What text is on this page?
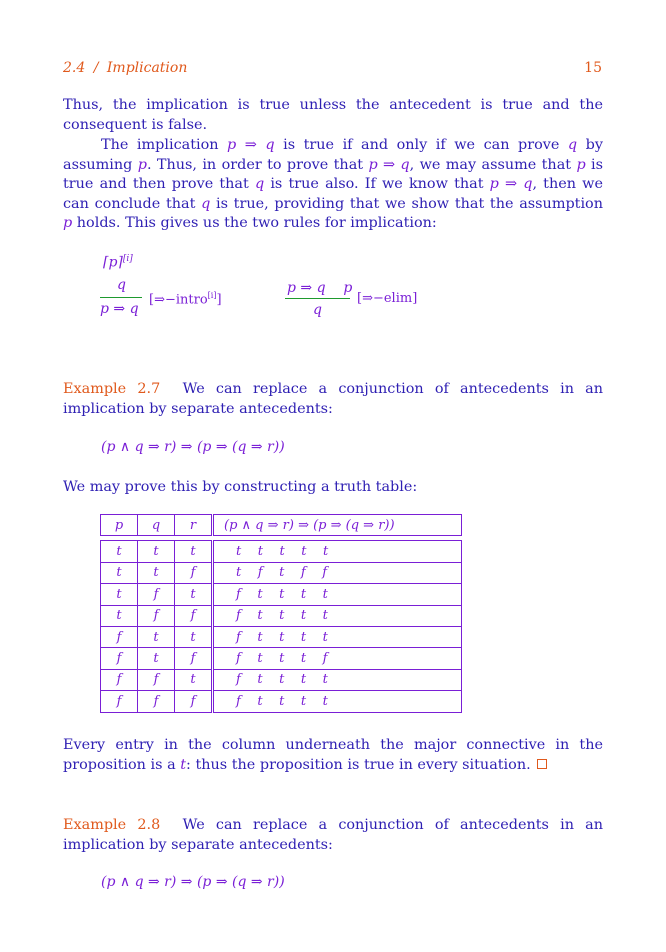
2.4 / Implication	15
Thus, the implication is true unless the antecedent is true and the consequent is false.
The implication p ⇒ q is true if and only if we can prove q by assuming p. Thus, in order to prove that p ⇒ q, we may assume that p is true and then prove that q is true also. If we know that p ⇒ q, then we can conclude that q is true, providing that we show that the assumption p holds. This gives us the two rules for implication:
⌈p⌉[i]
q
p ⇒ q
[⇒−intro[i]]
p ⇒ q    p
q
[⇒−elim]
Example 2.7 We can replace a conjunction of antecedents in an implication by separate antecedents:
(p ∧ q ⇒ r) ⇒ (p ⇒ (q ⇒ r))
We may prove this by constructing a truth table:
p	q	r		(p ∧ q ⇒ r) ⇒ (p ⇒ (q ⇒ r))

t	t	t		t    t    t    t    t
t	t	f		t    f    t    f    f
t	f	t		f    t    t    t    t
t	f	f		f    t    t    t    t
f	t	t		f    t    t    t    t
f	t	f		f    t    t    t    f
f	f	t		f    t    t    t    t
f	f	f		f    t    t    t    t
Every entry in the column underneath the major connective in the proposition is a t: thus the proposition is true in every situation.
Example 2.8 We can replace a conjunction of antecedents in an implication by separate antecedents:
(p ∧ q ⇒ r) ⇒ (p ⇒ (q ⇒ r))
